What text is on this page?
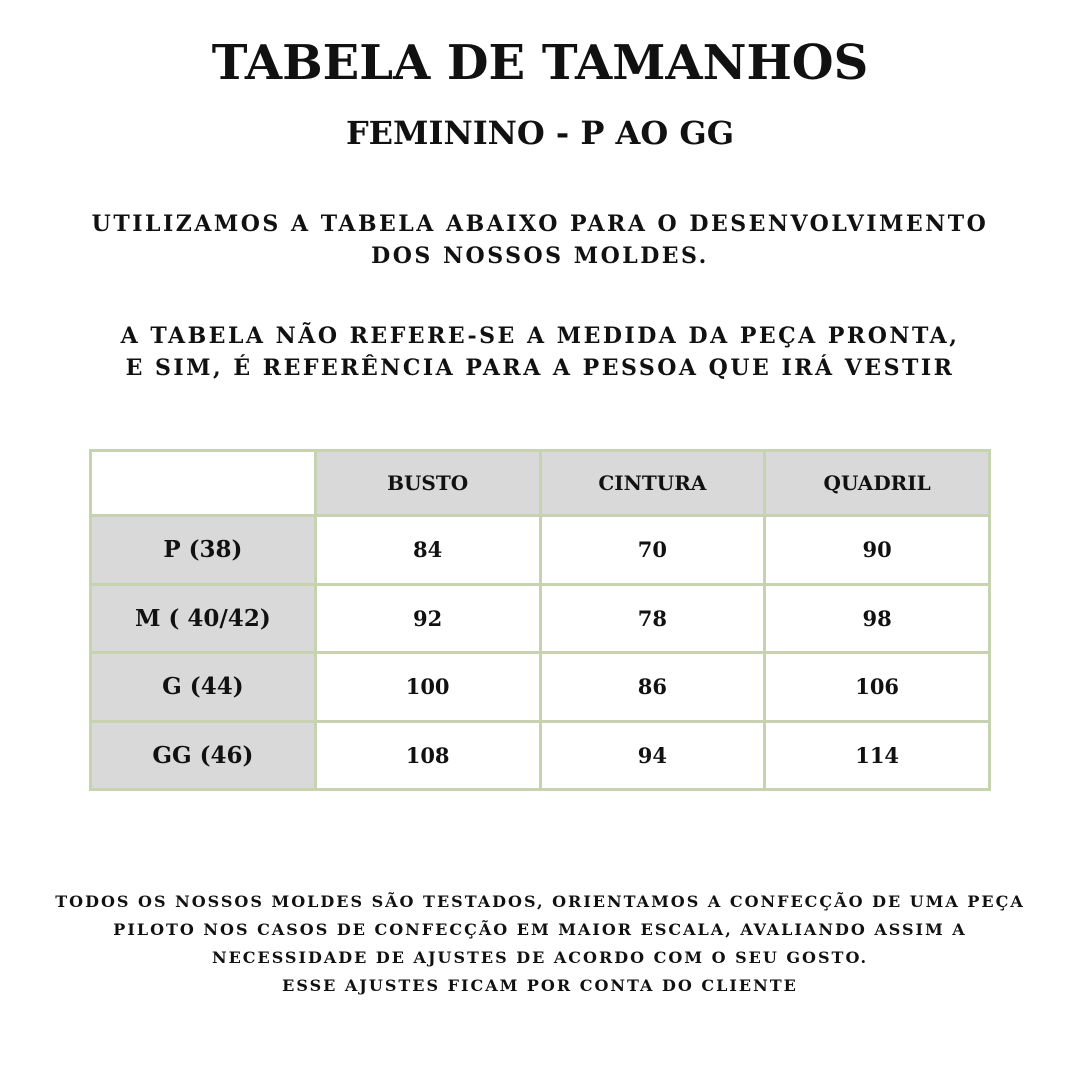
TABELA DE TAMANHOS
FEMININO - P AO GG
UTILIZAMOS A TABELA ABAIXO PARA O DESENVOLVIMENTO
DOS NOSSOS MOLDES.
A TABELA NÃO REFERE-SE A MEDIDA DA PEÇA PRONTA,
E SIM, É REFERÊNCIA PARA A PESSOA QUE IRÁ VESTIR
	BUSTO	CINTURA	QUADRIL
P (38)	84	70	90
M ( 40/42)	92	78	98
G (44)	100	86	106
GG (46)	108	94	114
TODOS OS NOSSOS MOLDES SÃO TESTADOS, ORIENTAMOS A CONFECÇÃO DE UMA PEÇA
PILOTO NOS CASOS DE CONFECÇÃO EM MAIOR ESCALA, AVALIANDO ASSIM A
NECESSIDADE DE AJUSTES DE ACORDO COM O SEU GOSTO.
ESSE AJUSTES FICAM POR CONTA DO CLIENTE
